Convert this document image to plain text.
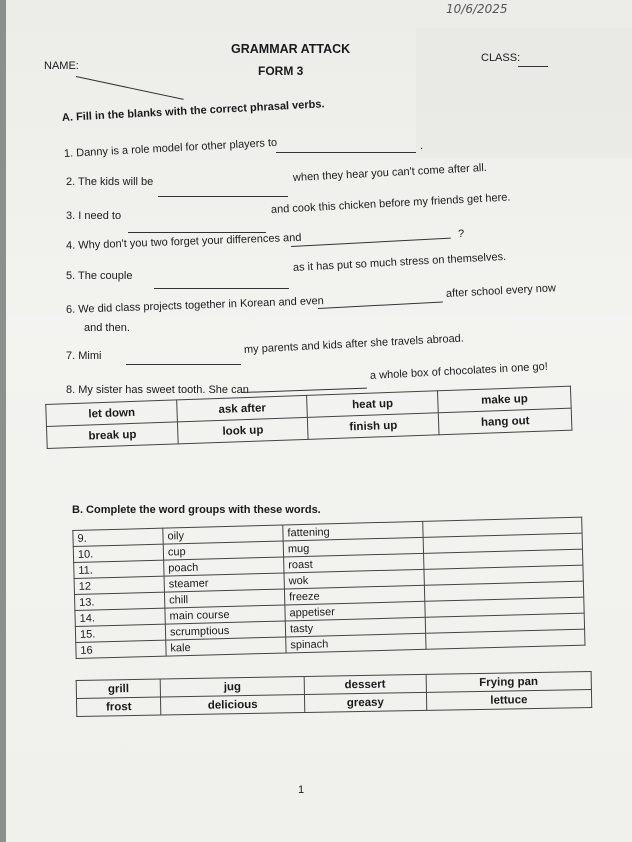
10/6/2025
GRAMMAR ATTACK
FORM 3
NAME:
CLASS:
A. Fill in the blanks with the correct phrasal verbs.
1. Danny is a role model for other players to	.
2. The kids will be	when they hear you can't come after all.
3. I need to
and cook this chicken before my friends get here.
4. Why don't you two forget your differences and	?
5. The couple
as it has put so much stress on themselves.
6. We did class projects together in Korean and even
after school every now
and then.
7. Mimi
my parents and kids after she travels abroad.
8. My sister has sweet tooth. She can
a whole box of chocolates in one go!
let down	ask after	heat up	make up
break up	look up	finish up	hang out
B. Complete the word groups with these words.
9.	oily	fattening	
10.	cup	mug	
11.	poach	roast	
12	steamer	wok	
13.	chill	freeze	
14.	main course	appetiser	
15.	scrumptious	tasty	
16	kale	spinach	
grill	jug	dessert	Frying pan
frost	delicious	greasy	lettuce
1
